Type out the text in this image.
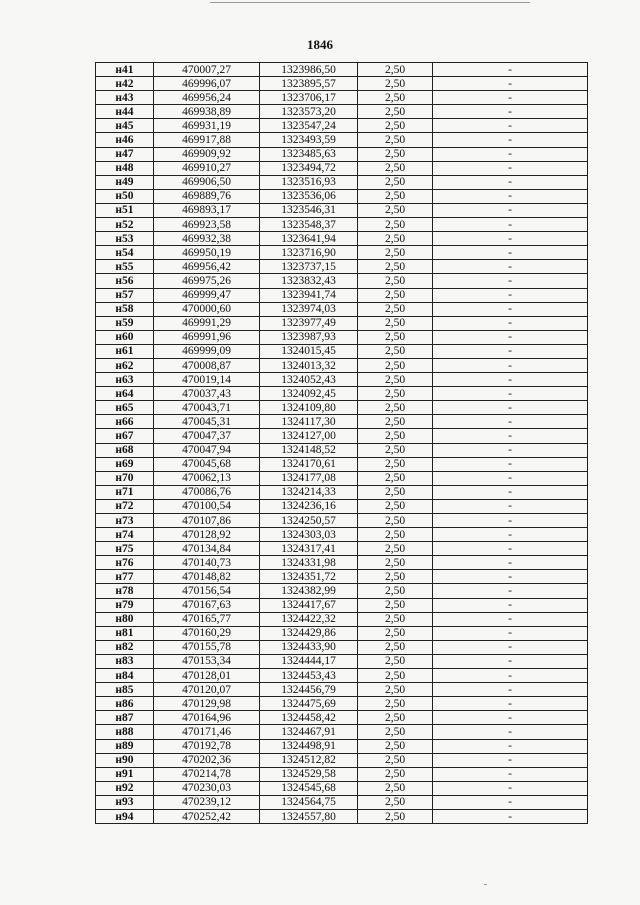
1846
н41	470007,27	1323986,50	2,50	-
н42	469996,07	1323895,57	2,50	-
н43	469956,24	1323706,17	2,50	-
н44	469938,89	1323573,20	2,50	-
н45	469931,19	1323547,24	2,50	-
н46	469917,88	1323493,59	2,50	-
н47	469909,92	1323485,63	2,50	-
н48	469910,27	1323494,72	2,50	-
н49	469906,50	1323516,93	2,50	-
н50	469889,76	1323536,06	2,50	-
н51	469893,17	1323546,31	2,50	-
н52	469923,58	1323548,37	2,50	-
н53	469932,38	1323641,94	2,50	-
н54	469950,19	1323716,90	2,50	-
н55	469956,42	1323737,15	2,50	-
н56	469975,26	1323832,43	2,50	-
н57	469999,47	1323941,74	2,50	-
н58	470000,60	1323974,03	2,50	-
н59	469991,29	1323977,49	2,50	-
н60	469991,96	1323987,93	2,50	-
н61	469999,09	1324015,45	2,50	-
н62	470008,87	1324013,32	2,50	-
н63	470019,14	1324052,43	2,50	-
н64	470037,43	1324092,45	2,50	-
н65	470043,71	1324109,80	2,50	-
н66	470045,31	1324117,30	2,50	-
н67	470047,37	1324127,00	2,50	-
н68	470047,94	1324148,52	2,50	-
н69	470045,68	1324170,61	2,50	-
н70	470062,13	1324177,08	2,50	-
н71	470086,76	1324214,33	2,50	-
н72	470100,54	1324236,16	2,50	-
н73	470107,86	1324250,57	2,50	-
н74	470128,92	1324303,03	2,50	-
н75	470134,84	1324317,41	2,50	-
н76	470140,73	1324331,98	2,50	-
н77	470148,82	1324351,72	2,50	-
н78	470156,54	1324382,99	2,50	-
н79	470167,63	1324417,67	2,50	-
н80	470165,77	1324422,32	2,50	-
н81	470160,29	1324429,86	2,50	-
н82	470155,78	1324433,90	2,50	-
н83	470153,34	1324444,17	2,50	-
н84	470128,01	1324453,43	2,50	-
н85	470120,07	1324456,79	2,50	-
н86	470129,98	1324475,69	2,50	-
н87	470164,96	1324458,42	2,50	-
н88	470171,46	1324467,91	2,50	-
н89	470192,78	1324498,91	2,50	-
н90	470202,36	1324512,82	2,50	-
н91	470214,78	1324529,58	2,50	-
н92	470230,03	1324545,68	2,50	-
н93	470239,12	1324564,75	2,50	-
н94	470252,42	1324557,80	2,50	-
